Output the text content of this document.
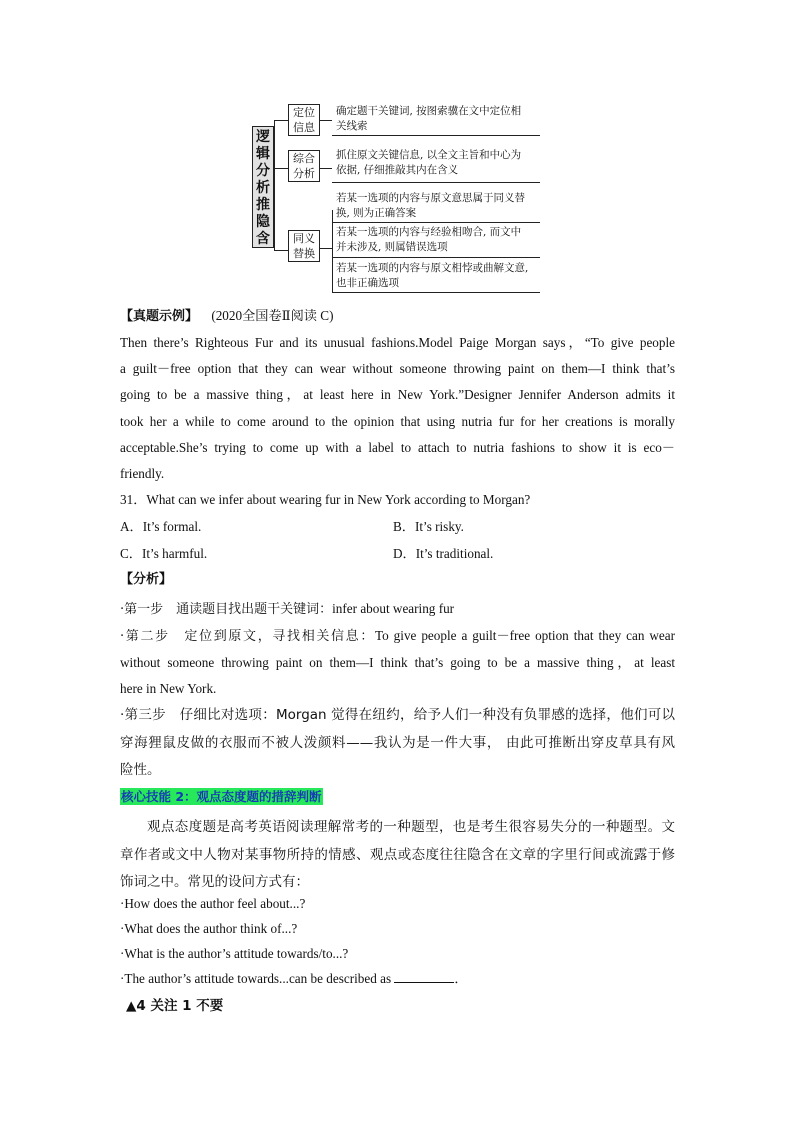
逻
辑
分
析
推
隐
含
定位
信息
确定题干关键词, 按图索骥在文中定位相
关线索
综合
分析
抓住原文关键信息, 以全文主旨和中心为
依据, 仔细推敲其内在含义
同义
替换
若某一选项的内容与原文意思属于同义替
换, 则为正确答案
若某一选项的内容与经验相吻合, 而文中
并未涉及, 则属错误选项
若某一选项的内容与原文相悖或曲解文意,
也非正确选项
【真题示例】 (2020全国卷Ⅱ阅读 C)
Then there’s Righteous Fur and its unusual fashions.Model Paige Morgan says，“To give people
a guilt－free option that they can wear without someone throwing paint on them—I think that’s
going to be a massive thing，at least here in New York.”Designer Jennifer Anderson admits it
took her a while to come around to the opinion that using nutria fur for her creations is morally
acceptable.She’s trying to come up with a label to attach to nutria fashions to show it is eco－
friendly.
31．What can we infer about wearing fur in New York according to Morgan?
A．It’s formal.	B．It’s risky.
C．It’s harmful.	D．It’s traditional.
【分析】
·第一步　通读题目找出题干关键词：infer about wearing fur
·第二步　定位到原文，寻找相关信息：To give people a guilt－free option that they can wear
without someone throwing paint on them—I think that’s going to be a massive thing，at least
here in New York.
·第三步　仔细比对选项：Morgan 觉得在纽约，给予人们一种没有负罪感的选择，他们可以
穿海狸鼠皮做的衣服而不被人泼颜料——我认为是一件大事， 由此可推断出穿皮草具有风
险性。
核心技能 2：观点态度题的措辞判断
观点态度题是高考英语阅读理解常考的一种题型，也是考生很容易失分的一种题型。文
章作者或文中人物对某事物所持的情感、观点或态度往往隐含在文章的字里行间或流露于修
饰词之中。常见的设问方式有：
·How does the author feel about...?
·What does the author think of...?
·What is the author’s attitude towards/to...?
·The author’s attitude towards...can be described as	．
▲4 关注 1 不要
